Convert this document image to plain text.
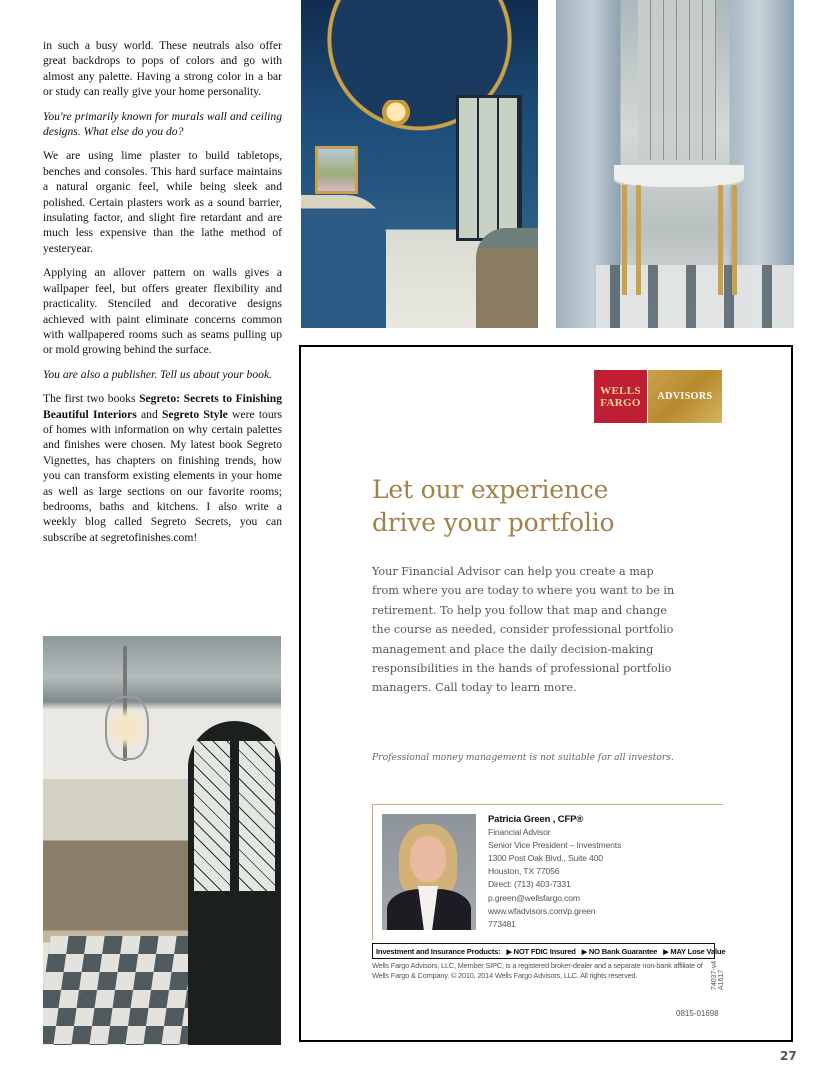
in such a busy world. These neutrals also offer great backdrops to pops of colors and go with almost any palette. Having a strong color in a bar or study can really give your home personality.

You're primarily known for murals wall and ceiling designs. What else do you do?

We are using lime plaster to build tabletops, benches and consoles. This hard surface maintains a natural organic feel, while being sleek and polished. Certain plasters work as a sound barrier, insulating factor, and slight fire retardant and are much less expensive than the lathe method of yesteryear.

Applying an allover pattern on walls gives a wallpaper feel, but offers greater flexibility and practicality. Stenciled and decorative designs achieved with paint eliminate concerns common with wallpapered rooms such as seams pulling up or mold growing behind the surface.

You are also a publisher. Tell us about your book.

The first two books Segreto: Secrets to Finishing Beautiful Interiors and Segreto Style were tours of homes with information on why certain palettes and finishes were chosen. My latest book Segreto Vignettes, has chapters on finishing trends, how you can transform existing elements in your home as well as large sections on our favorite rooms; bedrooms, baths and kitchens. I also write a weekly blog called Segreto Secrets, you can subscribe at segretofinishes.com!

WELLS
FARGO	ADVISORS
Let our experience
drive your portfolio
Your Financial Advisor can help you create a map
from where you are today to where you want to be in
retirement. To help you follow that map and change
the course as needed, consider professional portfolio
management and place the daily decision-making
responsibilities in the hands of professional portfolio
managers. Call today to learn more.
Professional money management is not suitable for all investors.
Patricia Green , CFP®
Financial Advisor
Senior Vice President – Investments
1300 Post Oak Blvd., Suite 400
Houston, TX 77056
Direct: (713) 403-7331
p.green@wellsfargo.com
www.wfadvisors.com/p.green
773481
Investment and Insurance Products: ▶ NOT FDIC Insured ▶ NO Bank Guarantee ▶ MAY Lose Value
Wells Fargo Advisors, LLC, Member SIPC, is a registered broker-dealer and a separate non-bank affiliate of
Wells Fargo & Company. © 2010, 2014 Wells Fargo Advisors, LLC. All rights reserved.	74037-v4 A1617
0815-01698
27
